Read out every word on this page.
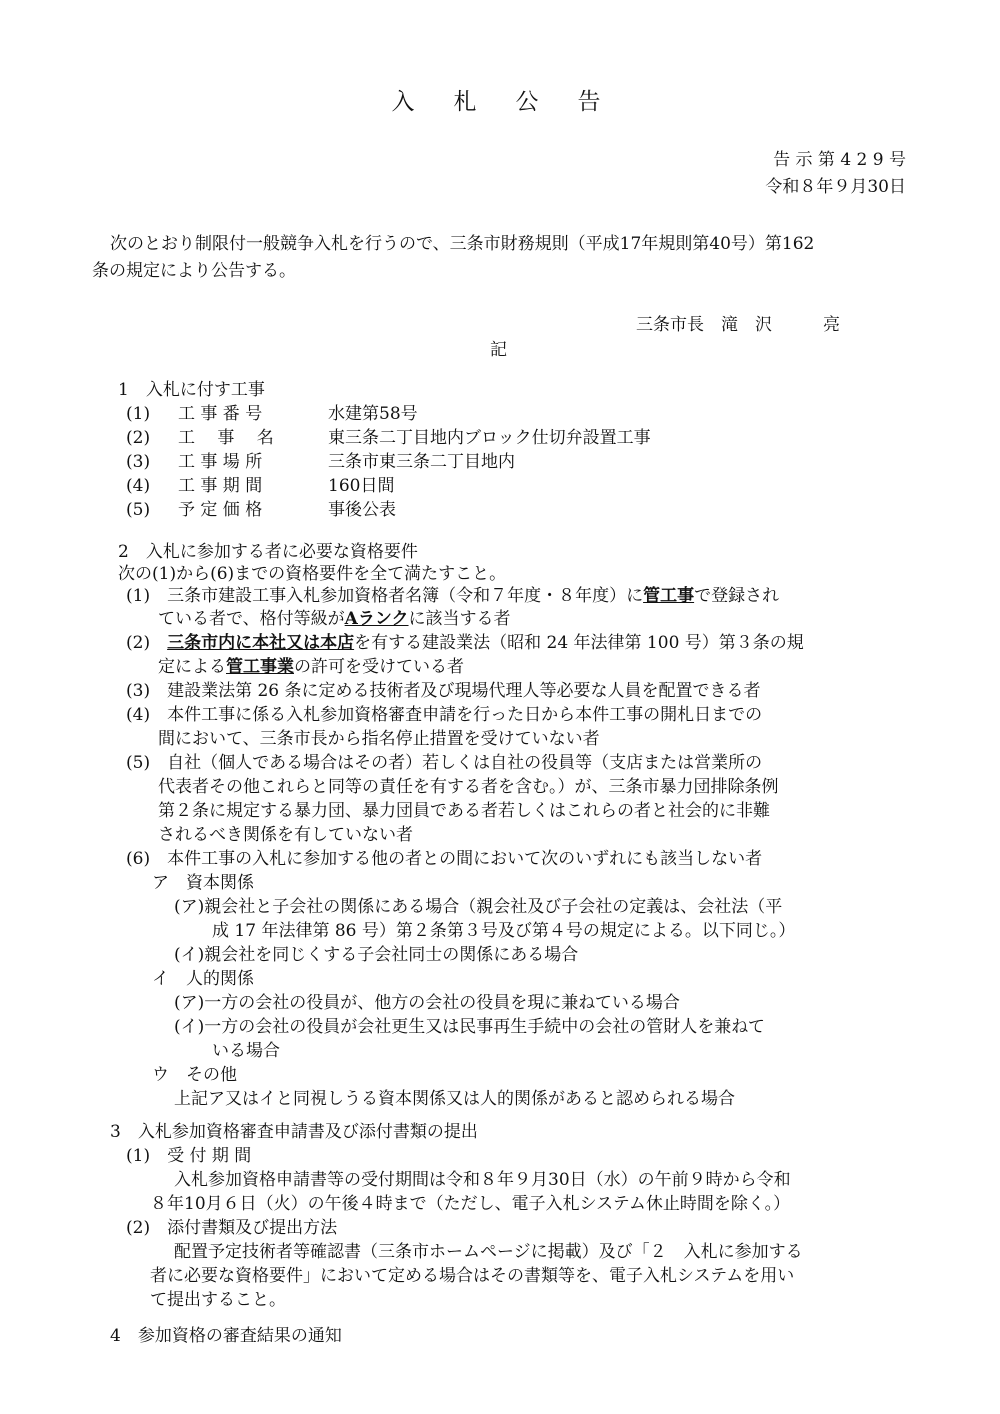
入　札　公　告
告 示 第 4 2 9 号
令和８年９月30日
次のとおり制限付一般競争入札を行うので、三条市財務規則（平成17年規則第40号）第162
条の規定により公告する。
三条市長　滝　沢　　　亮
記
1　入札に付す工事
(1) 工 事 番 号	水建第58号
(2) 工　 事　 名	東三条二丁目地内ブロック仕切弁設置工事
(3) 工 事 場 所	三条市東三条二丁目地内
(4) 工 事 期 間	160日間
(5) 予 定 価 格	事後公表
2　入札に参加する者に必要な資格要件
次の(1)から(6)までの資格要件を全て満たすこと。
(1)　三条市建設工事入札参加資格者名簿（令和７年度・８年度）に管工事で登録され
ている者で、格付等級がAランクに該当する者
(2)　三条市内に本社又は本店を有する建設業法（昭和 24 年法律第 100 号）第３条の規
定による管工事業の許可を受けている者
(3)　建設業法第 26 条に定める技術者及び現場代理人等必要な人員を配置できる者
(4)　本件工事に係る入札参加資格審査申請を行った日から本件工事の開札日までの
間において、三条市長から指名停止措置を受けていない者
(5)　自社（個人である場合はその者）若しくは自社の役員等（支店または営業所の
代表者その他これらと同等の責任を有する者を含む。）が、三条市暴力団排除条例
第２条に規定する暴力団、暴力団員である者若しくはこれらの者と社会的に非難
されるべき関係を有していない者
(6)　本件工事の入札に参加する他の者との間において次のいずれにも該当しない者
ア　資本関係
(ア)親会社と子会社の関係にある場合（親会社及び子会社の定義は、会社法（平
成 17 年法律第 86 号）第２条第３号及び第４号の規定による。以下同じ。）
(イ)親会社を同じくする子会社同士の関係にある場合
イ　人的関係
(ア)一方の会社の役員が、他方の会社の役員を現に兼ねている場合
(イ)一方の会社の役員が会社更生又は民事再生手続中の会社の管財人を兼ねて
いる場合
ウ　その他
上記ア又はイと同視しうる資本関係又は人的関係があると認められる場合
3　入札参加資格審査申請書及び添付書類の提出
(1)　受 付 期 間
入札参加資格申請書等の受付期間は令和８年９月30日（水）の午前９時から令和
８年10月６日（火）の午後４時まで（ただし、電子入札システム休止時間を除く。）
(2)　添付書類及び提出方法
配置予定技術者等確認書（三条市ホームページに掲載）及び「２　入札に参加する
者に必要な資格要件」において定める場合はその書類等を、電子入札システムを用い
て提出すること。
4　参加資格の審査結果の通知
